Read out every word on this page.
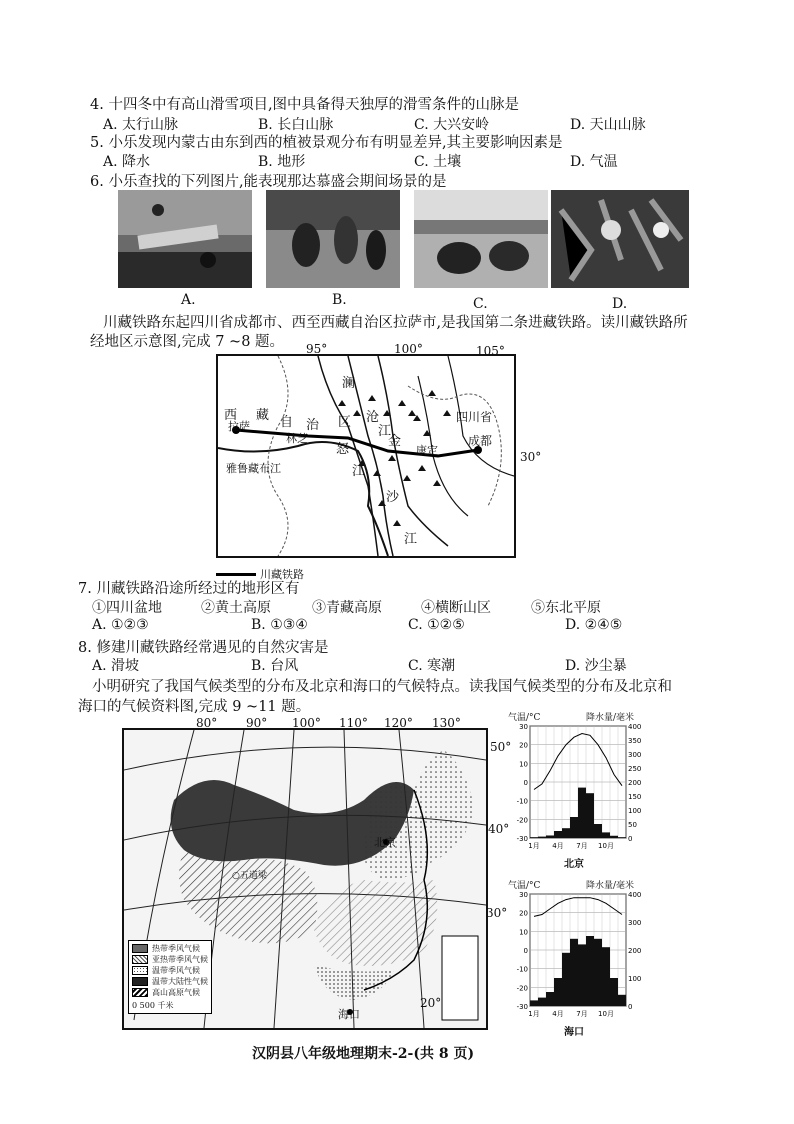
4. 十四冬中有高山滑雪项目,图中具备得天独厚的滑雪条件的山脉是
A. 太行山脉	B. 长白山脉	C. 大兴安岭	D. 天山山脉
5. 小乐发现内蒙古由东到西的植被景观分布有明显差异,其主要影响因素是
A. 降水	B. 地形	C. 土壤	D. 气温
6. 小乐查找的下列图片,能表现那达慕盛会期间场景的是
A.	B.	C.	D.
川藏铁路东起四川省成都市、西至西藏自治区拉萨市,是我国第二条进藏铁路。读川藏铁路所
经地区示意图,完成 7 ~8 题。
西 藏 自 治 区
拉萨
林芝
雅鲁藏布江
澜
沧
江
怒
江
金
沙
江
四川省
成都
康定
95°	100°	105°
30°
川藏铁路
7. 川藏铁路沿途所经过的地形区有
①四川盆地	②黄土高原	③青藏高原	④横断山区	⑤东北平原
A. ①②③	B. ①③④	C. ①②⑤	D. ②④⑤
8. 修建川藏铁路经常遇见的自然灾害是
A. 滑坡	B. 台风	C. 寒潮	D. 沙尘暴
小明研究了我国气候类型的分布及北京和海口的气候特点。读我国气候类型的分布及北京和
海口的气候资料图,完成 9 ~11 题。
北京
海口
○五道梁
热带季风气候
亚热带季风气候
温带季风气候
温带大陆性气候
高山高原气候
0 500 千米
80° 90° 100° 110° 120° 130°
50°
40°
30°
20°
气温/°C	降水量/毫米
30
20
10
0
-10
-20
-30
400
350
300
250
200
150
100
50
0
1月 4月 7月 10月
北京
气温/°C	降水量/毫米
30
20
10
0
-10
-20
-30
400
300
200
100
0
1月 4月 7月 10月
海口
汉阴县八年级地理期末-2-(共 8 页)
